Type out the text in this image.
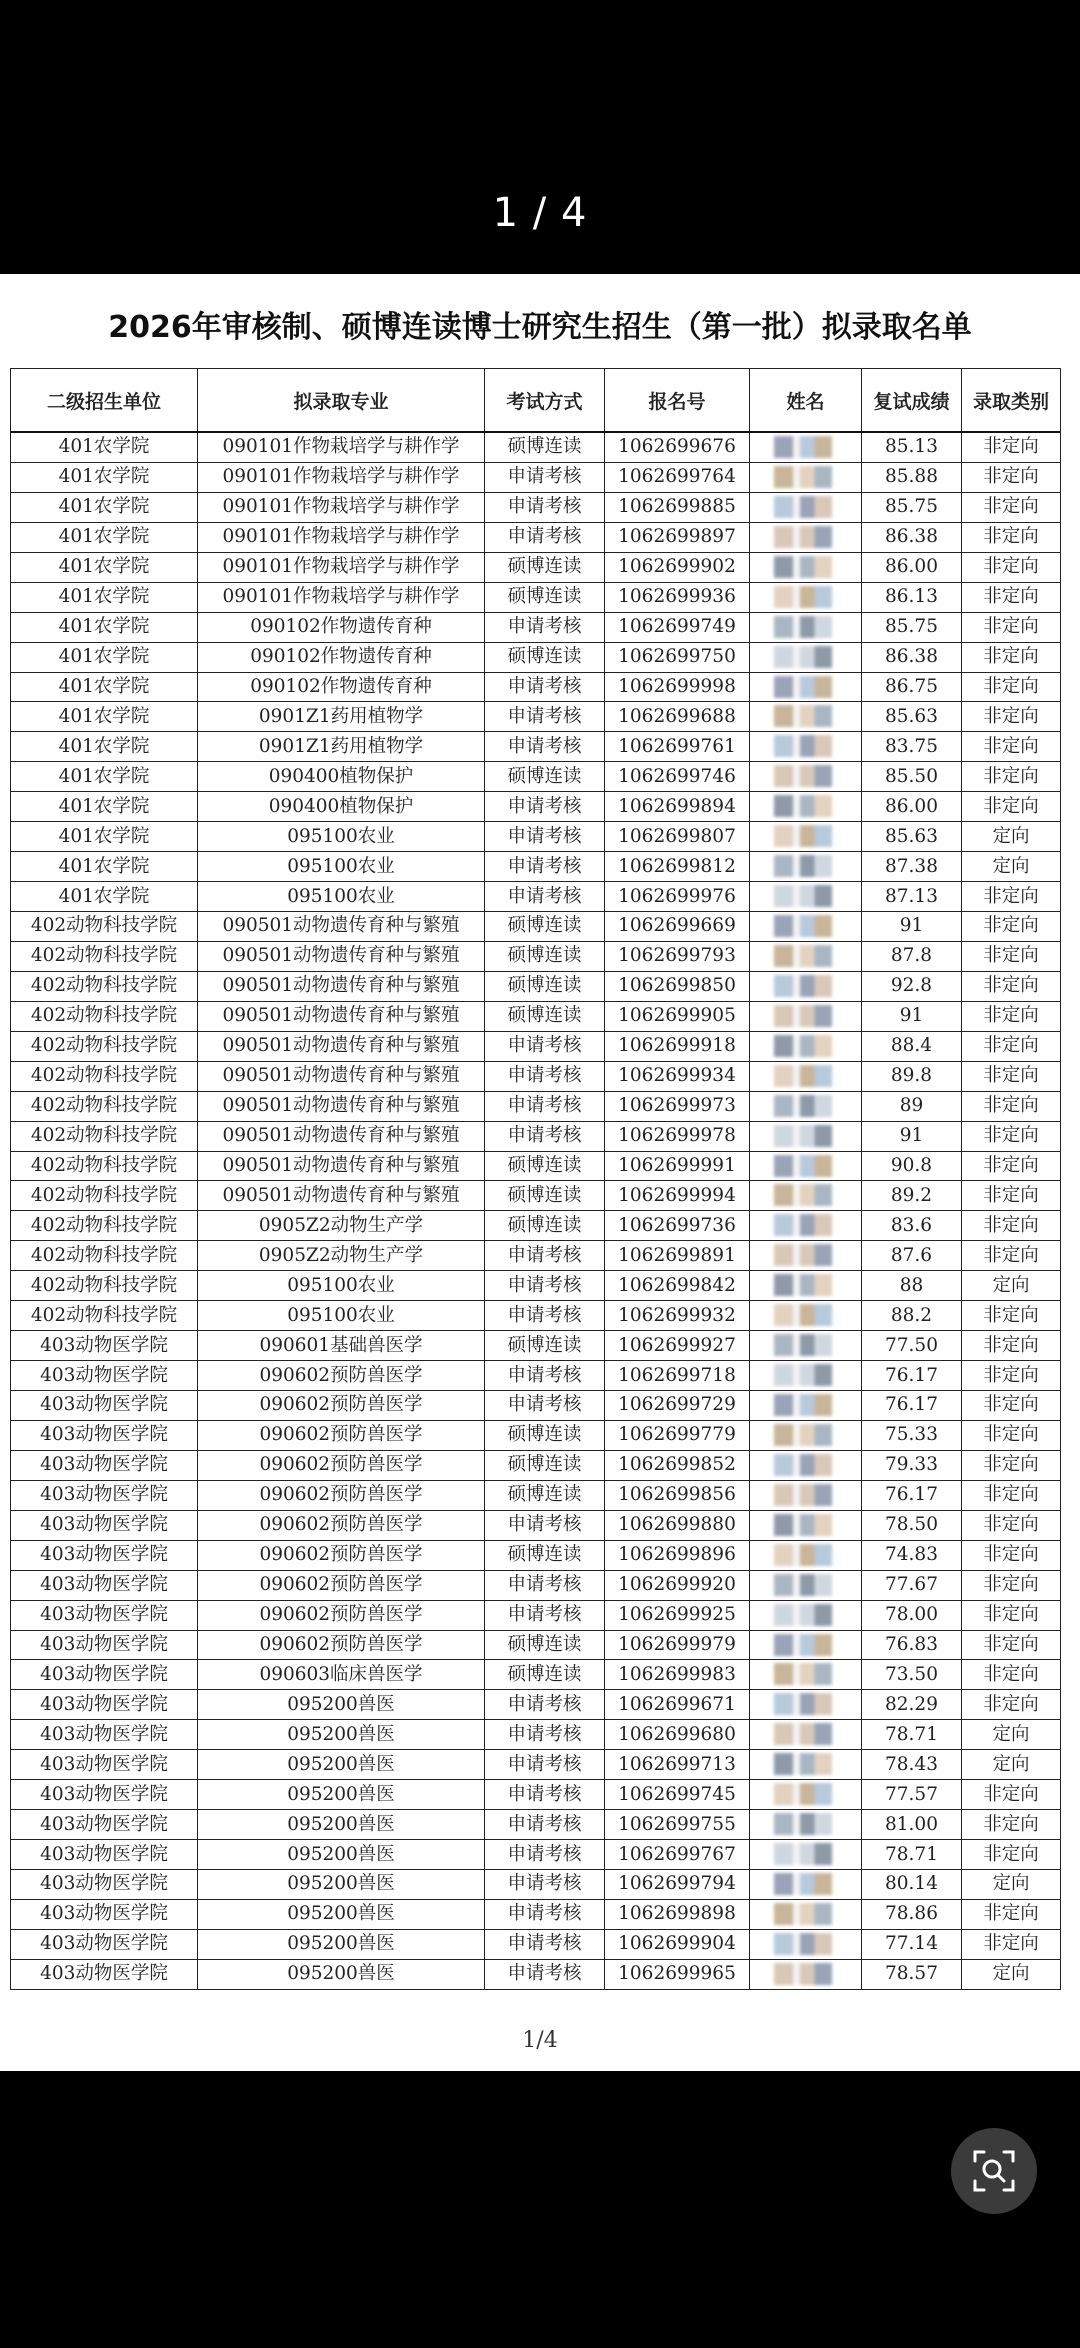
1 / 4
2026年审核制、硕博连读博士研究生招生（第一批）拟录取名单
二级招生单位	拟录取专业	考试方式	报名号	姓名	复试成绩	录取类别
401农学院	090101作物栽培学与耕作学	硕博连读	1062699676		85.13	非定向
401农学院	090101作物栽培学与耕作学	申请考核	1062699764		85.88	非定向
401农学院	090101作物栽培学与耕作学	申请考核	1062699885		85.75	非定向
401农学院	090101作物栽培学与耕作学	申请考核	1062699897		86.38	非定向
401农学院	090101作物栽培学与耕作学	硕博连读	1062699902		86.00	非定向
401农学院	090101作物栽培学与耕作学	硕博连读	1062699936		86.13	非定向
401农学院	090102作物遗传育种	申请考核	1062699749		85.75	非定向
401农学院	090102作物遗传育种	硕博连读	1062699750		86.38	非定向
401农学院	090102作物遗传育种	申请考核	1062699998		86.75	非定向
401农学院	0901Z1药用植物学	申请考核	1062699688		85.63	非定向
401农学院	0901Z1药用植物学	申请考核	1062699761		83.75	非定向
401农学院	090400植物保护	硕博连读	1062699746		85.50	非定向
401农学院	090400植物保护	申请考核	1062699894		86.00	非定向
401农学院	095100农业	申请考核	1062699807		85.63	定向
401农学院	095100农业	申请考核	1062699812		87.38	定向
401农学院	095100农业	申请考核	1062699976		87.13	非定向
402动物科技学院	090501动物遗传育种与繁殖	硕博连读	1062699669		91	非定向
402动物科技学院	090501动物遗传育种与繁殖	硕博连读	1062699793		87.8	非定向
402动物科技学院	090501动物遗传育种与繁殖	硕博连读	1062699850		92.8	非定向
402动物科技学院	090501动物遗传育种与繁殖	硕博连读	1062699905		91	非定向
402动物科技学院	090501动物遗传育种与繁殖	申请考核	1062699918		88.4	非定向
402动物科技学院	090501动物遗传育种与繁殖	申请考核	1062699934		89.8	非定向
402动物科技学院	090501动物遗传育种与繁殖	申请考核	1062699973		89	非定向
402动物科技学院	090501动物遗传育种与繁殖	申请考核	1062699978		91	非定向
402动物科技学院	090501动物遗传育种与繁殖	硕博连读	1062699991		90.8	非定向
402动物科技学院	090501动物遗传育种与繁殖	硕博连读	1062699994		89.2	非定向
402动物科技学院	0905Z2动物生产学	硕博连读	1062699736		83.6	非定向
402动物科技学院	0905Z2动物生产学	申请考核	1062699891		87.6	非定向
402动物科技学院	095100农业	申请考核	1062699842		88	定向
402动物科技学院	095100农业	申请考核	1062699932		88.2	非定向
403动物医学院	090601基础兽医学	硕博连读	1062699927		77.50	非定向
403动物医学院	090602预防兽医学	申请考核	1062699718		76.17	非定向
403动物医学院	090602预防兽医学	申请考核	1062699729		76.17	非定向
403动物医学院	090602预防兽医学	硕博连读	1062699779		75.33	非定向
403动物医学院	090602预防兽医学	硕博连读	1062699852		79.33	非定向
403动物医学院	090602预防兽医学	硕博连读	1062699856		76.17	非定向
403动物医学院	090602预防兽医学	申请考核	1062699880		78.50	非定向
403动物医学院	090602预防兽医学	硕博连读	1062699896		74.83	非定向
403动物医学院	090602预防兽医学	申请考核	1062699920		77.67	非定向
403动物医学院	090602预防兽医学	申请考核	1062699925		78.00	非定向
403动物医学院	090602预防兽医学	硕博连读	1062699979		76.83	非定向
403动物医学院	090603临床兽医学	硕博连读	1062699983		73.50	非定向
403动物医学院	095200兽医	申请考核	1062699671		82.29	非定向
403动物医学院	095200兽医	申请考核	1062699680		78.71	定向
403动物医学院	095200兽医	申请考核	1062699713		78.43	定向
403动物医学院	095200兽医	申请考核	1062699745		77.57	非定向
403动物医学院	095200兽医	申请考核	1062699755		81.00	非定向
403动物医学院	095200兽医	申请考核	1062699767		78.71	非定向
403动物医学院	095200兽医	申请考核	1062699794		80.14	定向
403动物医学院	095200兽医	申请考核	1062699898		78.86	非定向
403动物医学院	095200兽医	申请考核	1062699904		77.14	非定向
403动物医学院	095200兽医	申请考核	1062699965		78.57	定向
1/4
